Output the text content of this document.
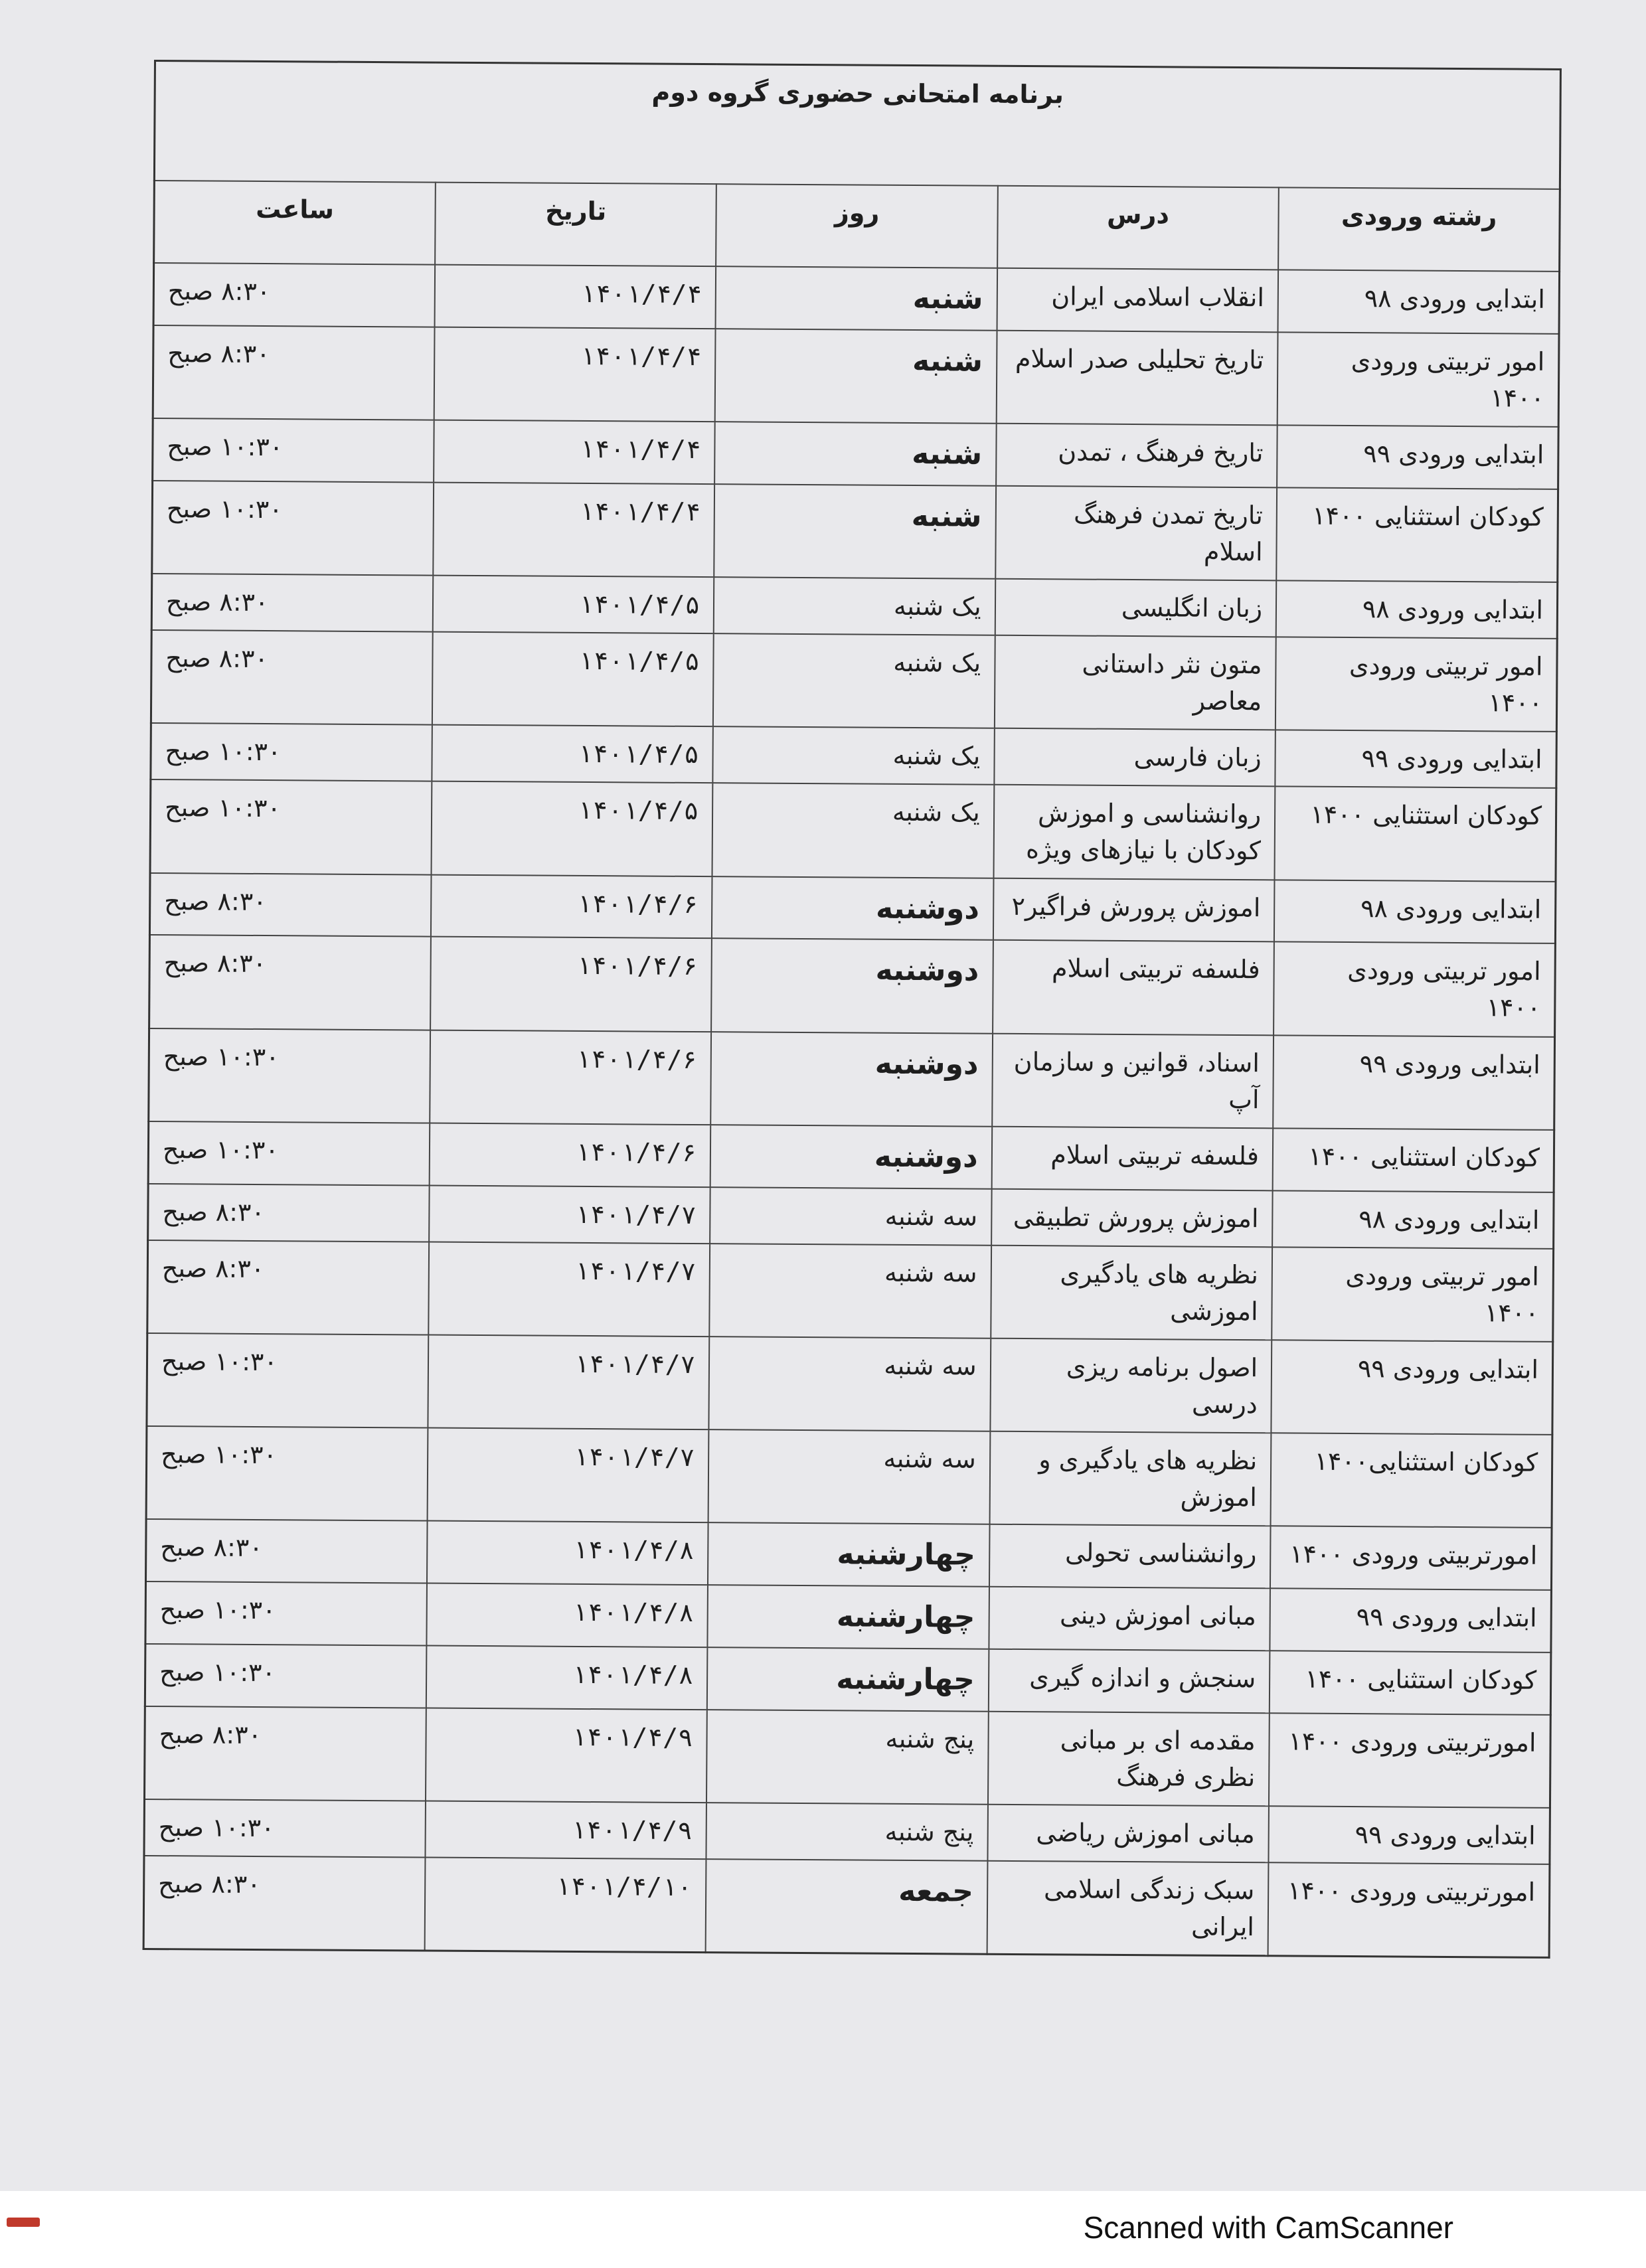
برنامه امتحانی حضوری گروه دوم				
رشته ورودی	درس	روز	تاریخ	ساعت
ابتدایی ورودی ۹۸	انقلاب اسلامی ایران	شنبه	۱۴۰۱/۴/۴	۸:۳۰ صبح
امور تربیتی ورودی ۱۴۰۰	تاریخ تحلیلی صدر اسلام	شنبه	۱۴۰۱/۴/۴	۸:۳۰ صبح
ابتدایی ورودی ۹۹	تاریخ فرهنگ ، تمدن	شنبه	۱۴۰۱/۴/۴	۱۰:۳۰ صبح
کودکان استثنایی ۱۴۰۰	تاریخ تمدن فرهنگ اسلام	شنبه	۱۴۰۱/۴/۴	۱۰:۳۰ صبح
ابتدایی ورودی ۹۸	زبان انگلیسی	یک شنبه	۱۴۰۱/۴/۵	۸:۳۰ صبح
امور تربیتی ورودی ۱۴۰۰	متون نثر داستانی معاصر	یک شنبه	۱۴۰۱/۴/۵	۸:۳۰ صبح
ابتدایی ورودی ۹۹	زبان فارسی	یک شنبه	۱۴۰۱/۴/۵	۱۰:۳۰ صبح
کودکان استثنایی ۱۴۰۰	روانشناسی و اموزش کودکان با نیازهای ویژه	یک شنبه	۱۴۰۱/۴/۵	۱۰:۳۰ صبح
ابتدایی ورودی ۹۸	اموزش پرورش فراگیر۲	دوشنبه	۱۴۰۱/۴/۶	۸:۳۰ صبح
امور تربیتی ورودی ۱۴۰۰	فلسفه تربیتی اسلام	دوشنبه	۱۴۰۱/۴/۶	۸:۳۰ صبح
ابتدایی ورودی ۹۹	اسناد، قوانین و سازمان آپ	دوشنبه	۱۴۰۱/۴/۶	۱۰:۳۰ صبح
کودکان استثنایی ۱۴۰۰	فلسفه تربیتی اسلام	دوشنبه	۱۴۰۱/۴/۶	۱۰:۳۰ صبح
ابتدایی ورودی ۹۸	اموزش پرورش تطبیقی	سه شنبه	۱۴۰۱/۴/۷	۸:۳۰ صبح
امور تربیتی ورودی ۱۴۰۰	نظریه های یادگیری اموزشی	سه شنبه	۱۴۰۱/۴/۷	۸:۳۰ صبح
ابتدایی ورودی ۹۹	اصول برنامه ریزی درسی	سه شنبه	۱۴۰۱/۴/۷	۱۰:۳۰ صبح
کودکان استثنایی۱۴۰۰	نظریه های یادگیری و اموزش	سه شنبه	۱۴۰۱/۴/۷	۱۰:۳۰ صبح
امورتربیتی ورودی ۱۴۰۰	روانشناسی تحولی	چهارشنبه	۱۴۰۱/۴/۸	۸:۳۰ صبح
ابتدایی ورودی ۹۹	مبانی اموزش دینی	چهارشنبه	۱۴۰۱/۴/۸	۱۰:۳۰ صبح
کودکان استثنایی ۱۴۰۰	سنجش و اندازه گیری	چهارشنبه	۱۴۰۱/۴/۸	۱۰:۳۰ صبح
امورتربیتی ورودی ۱۴۰۰	مقدمه ای بر مبانی نظری فرهنگ	پنج شنبه	۱۴۰۱/۴/۹	۸:۳۰ صبح
ابتدایی ورودی ۹۹	مبانی اموزش ریاضی	پنج شنبه	۱۴۰۱/۴/۹	۱۰:۳۰ صبح
امورتربیتی ورودی ۱۴۰۰	سبک زندگی اسلامی ایرانی	جمعه	۱۴۰۱/۴/۱۰	۸:۳۰ صبح
Scanned with CamScanner
